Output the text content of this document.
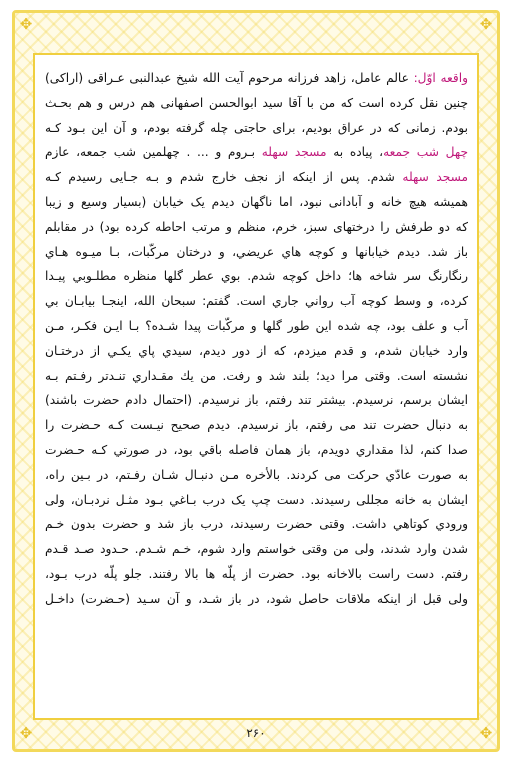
✥	✥
✥	✥
واقعه اوّل: عالم عامل، زاهد فرزانه مرحوم آیت الله شیخ عبدالنبی عـراقی (اراکی)
چنین نقل کرده است که من با آقا سید ابوالحسن اصفهانی هم درس و هم بحـث
بودم. زمانی که در عراق بودیم، برای حاجتی چله گرفته بودم، و آن این بـود کـه
چهل شب جمعه، پیاده به مسجد سهله بـروم و ... . چهلمین شب جمعه، عازم
مسجد سهله شدم. پس از اینکه از نجف خارج شدم و بـه جـایی رسیدم کـه
همیشه هیچ خانه و آبادانی نبود، اما ناگهان دیدم یک خیابان (بسیار وسیع و زیبا
که دو طرفش را درختهای سبز، خرم، منظم و مرتب احاطه کرده بود) در مقابلم
باز شد. دیدم خیابانها و کوچه هاي عریضي، و درختان مرکّبات، بـا میـوه هـاي
رنگارنگ سر شاخه ها؛ داخل کوچه شدم. بوي عطر گلها منظره مطلـوبي پیـدا
کرده، و وسط کوچه آب رواني جاري است. گفتم: سبحان الله، اینجـا بیابـان بي
آب و علف بود، چه شده این طور گلها و مرکّبات پیدا شـده؟ بـا ایـن فکـر، مـن
وارد خیابان شدم، و قدم میزدم، که از دور دیدم، سیدي پاي یکـي از درختـان
نشسته است. وقتی مرا دید؛ بلند شد و رفت. من یك مقـداري تنـدتر رفـتم بـه
ایشان برسم، نرسیدم. بیشتر تند رفتم، باز نرسیدم. (احتمال دادم حضرت باشند)
به دنبال حضرت تند می رفتم، باز نرسیدم. دیدم صحیح نیـست کـه حـضرت را
صدا کنم، لذا مقداري دویدم، باز همان فاصله باقي بود، در صورتي کـه حـضرت
به صورت عادّي حرکت می کردند. بالأخره مـن دنبـال شـان رفـتم، در بـین راه،
ایشان به خانه مجللی رسیدند. دست چپ یک درب بـاغي بـود مثـل نردبـان، ولی
ورودي کوتاهي داشت. وقتی حضرت رسیدند، درب باز شد و حضرت بدون خـم
شدن وارد شدند، ولی من وقتی خواستم وارد شوم، خـم شـدم. حـدود صـد قـدم
رفتم. دست راست بالاخانه بود. حضرت از پلّه ها بالا رفتند. جلو پلّه درب بـود،
ولی قبل از اینکه ملاقات حاصل شود، در باز شـد، و آن سـید (حـضرت) داخـل
۲۶۰
